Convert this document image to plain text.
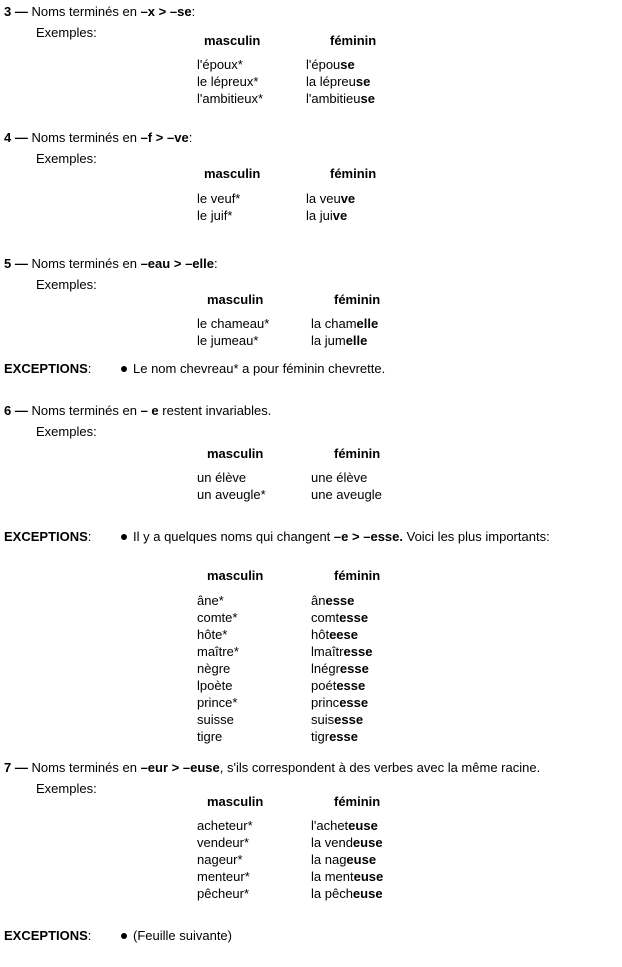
3 — Noms terminés en –x > –se:
Exemples:
masculin	féminin
l'époux*	l'épouse
le lépreux*	la lépreuse
l'ambitieux*	l'ambitieuse
4 — Noms terminés en –f > –ve:
Exemples:
masculin	féminin
le veuf*	la veuve
le juif*	la juive
5 — Noms terminés en –eau > –elle:
Exemples:
masculin	féminin
le chameau*	la chamelle
le jumeau*	la jumelle
EXCEPTIONS:	Le nom chevreau* a pour féminin chevrette.
6 — Noms terminés en – e restent invariables.
Exemples:
masculin	féminin
un élève	une élève
un aveugle*	une aveugle
EXCEPTIONS:	Il y a quelques noms qui changent –e > –esse. Voici les plus importants:
masculin	féminin
âne*	ânesse
comte*	comtesse
hôte*	hôteese
maître*	lmaîtresse
nègre	lnégresse
lpoète	poétesse
prince*	princesse
suisse	suisesse
tigre	tigresse
7 — Noms terminés en –eur > –euse, s'ils correspondent à des verbes avec la même racine.
Exemples:
masculin	féminin
acheteur*	l'acheteuse
vendeur*	la vendeuse
nageur*	la nageuse
menteur*	la menteuse
pêcheur*	la pêcheuse
EXCEPTIONS:	(Feuille suivante)
